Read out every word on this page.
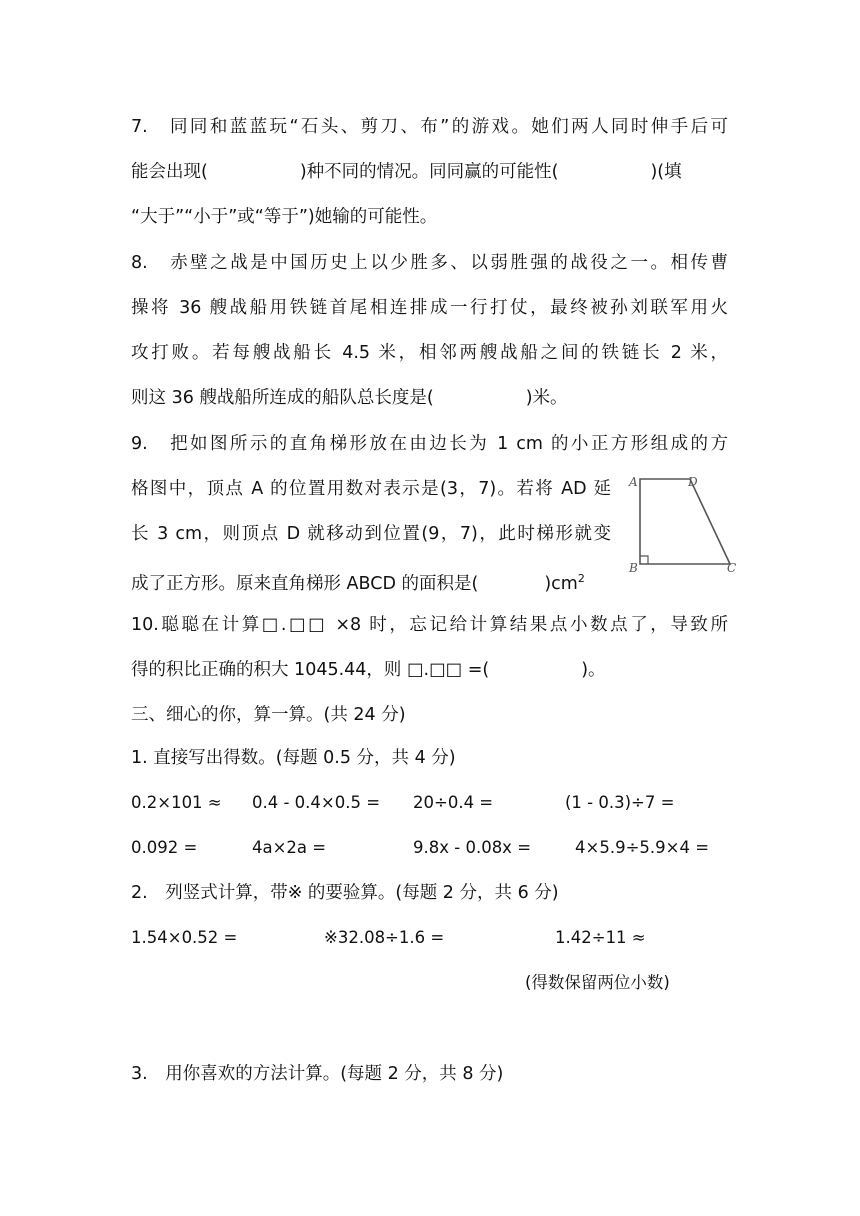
7.　同同和蓝蓝玩“石头、剪刀、布”的游戏。她们两人同时伸手后可
能会出现(	)种不同的情况。同同赢的可能性(	)(填
“大于”“小于”或“等于”)她输的可能性。
8.　赤壁之战是中国历史上以少胜多、以弱胜强的战役之一。相传曹
操将 36 艘战船用铁链首尾相连排成一行打仗，最终被孙刘联军用火
攻打败。若每艘战船长 4.5 米，相邻两艘战船之间的铁链长 2 米，
则这 36 艘战船所连成的船队总长度是(	)米。
9.　把如图所示的直角梯形放在由边长为 1 cm 的小正方形组成的方
格图中，顶点 A 的位置用数对表示是(3，7)。若将 AD 延
长 3 cm，则顶点 D 就移动到位置(9，7)，此时梯形就变
成了正方形。原来直角梯形 ABCD 的面积是(	)$cm^2$
A	D
B	C
10.聪聪在计算□.□□ ×8 时，忘记给计算结果点小数点了，导致所
得的积比正确的积大 1045.44，则 □.□□ =(	)。
三、细心的你，算一算。(共 24 分)
1. 直接写出得数。(每题 0.5 分，共 4 分)
0.2×101 ≈ 0.4 - 0.4×0.5 = 20÷0.4 =	(1 - 0.3)÷7 =
0.092 =	4a×2a =	9.8x - 0.08x =	4×5.9÷5.9×4 =
2.　列竖式计算，带※ 的要验算。(每题 2 分，共 6 分)
1.54×0.52 =	※32.08÷1.6 =	1.42÷11 ≈
(得数保留两位小数)
3.　用你喜欢的方法计算。(每题 2 分，共 8 分)
